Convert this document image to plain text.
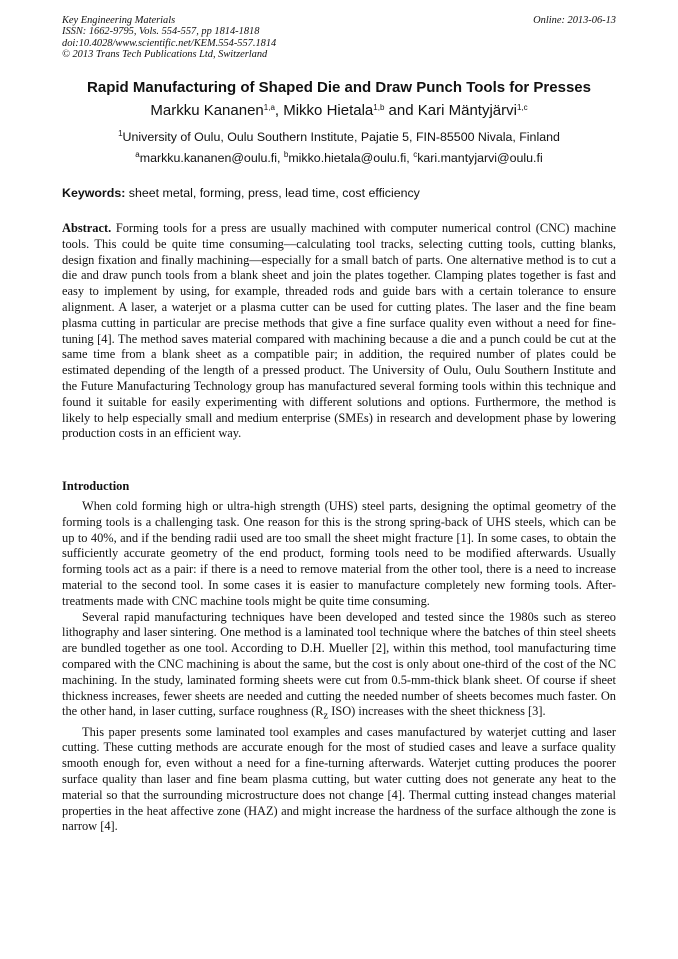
Key Engineering Materials
ISSN: 1662-9795, Vols. 554-557, pp 1814-1818
doi:10.4028/www.scientific.net/KEM.554-557.1814
© 2013 Trans Tech Publications Ltd, Switzerland
Online: 2013-06-13
Rapid Manufacturing of Shaped Die and Draw Punch Tools for Presses
Markku Kananen$^{1,a}$, Mikko Hietala$^{1,b}$ and Kari Mäntyjärvi$^{1,c}$
$^1$University of Oulu, Oulu Southern Institute, Pajatie 5, FIN-85500 Nivala, Finland
$^a$markku.kananen@oulu.fi, $^b$mikko.hietala@oulu.fi, $^c$kari.mantyjarvi@oulu.fi
Keywords: sheet metal, forming, press, lead time, cost efficiency

Abstract. Forming tools for a press are usually machined with computer numerical control (CNC) machine tools. This could be quite time consuming—calculating tool tracks, selecting cutting tools, cutting blanks, design fixation and finally machining—especially for a small batch of parts. One alternative method is to cut a die and draw punch tools from a blank sheet and join the plates together. Clamping plates together is fast and easy to implement by using, for example, threaded rods and guide bars with a certain tolerance to ensure alignment. A laser, a waterjet or a plasma cutter can be used for cutting plates. The laser and the fine beam plasma cutting in particular are precise methods that give a fine surface quality even without a need for fine-tuning [4]. The method saves material compared with machining because a die and a punch could be cut at the same time from a blank sheet as a compatible pair; in addition, the required number of plates could be estimated depending of the length of a pressed product. The University of Oulu, Oulu Southern Institute and the Future Manufacturing Technology group has manufactured several forming tools within this technique and found it suitable for easily experimenting with different solutions and options. Furthermore, the method is likely to help especially small and medium enterprise (SMEs) in research and development phase by lowering production costs in an efficient way.

Introduction

When cold forming high or ultra-high strength (UHS) steel parts, designing the optimal geometry of the forming tools is a challenging task. One reason for this is the strong spring-back of UHS steels, which can be up to 40%, and if the bending radii used are too small the sheet might fracture [1]. In some cases, to obtain the sufficiently accurate geometry of the end product, forming tools need to be modified afterwards. Usually forming tools act as a pair: if there is a need to remove material from the other tool, there is a need to increase material to the second tool. In some cases it is easier to manufacture completely new forming tools. After-treatments made with CNC machine tools might be quite time consuming.

Several rapid manufacturing techniques have been developed and tested since the 1980s such as stereo lithography and laser sintering. One method is a laminated tool technique where the batches of thin steel sheets are bundled together as one tool. According to D.H. Mueller [2], within this method, tool manufacturing time compared with the CNC machining is about the same, but the cost is only about one-third of the cost of the NC machining. In the study, laminated forming sheets were cut from 0.5-mm-thick blank sheet. Of course if sheet thickness increases, fewer sheets are needed and cutting the needed number of sheets becomes much faster. On the other hand, in laser cutting, surface roughness ($R_z$ ISO) increases with the sheet thickness [3].

This paper presents some laminated tool examples and cases manufactured by waterjet cutting and laser cutting. These cutting methods are accurate enough for the most of studied cases and leave a surface quality smooth enough for, even without a need for a fine-turning afterwards. Waterjet cutting produces the poorer surface quality than laser and fine beam plasma cutting, but water cutting does not generate any heat to the material so that the surrounding microstructure does not change [4]. Thermal cutting instead changes material properties in the heat affective zone (HAZ) and might increase the hardness of the surface although the zone is narrow [4].
